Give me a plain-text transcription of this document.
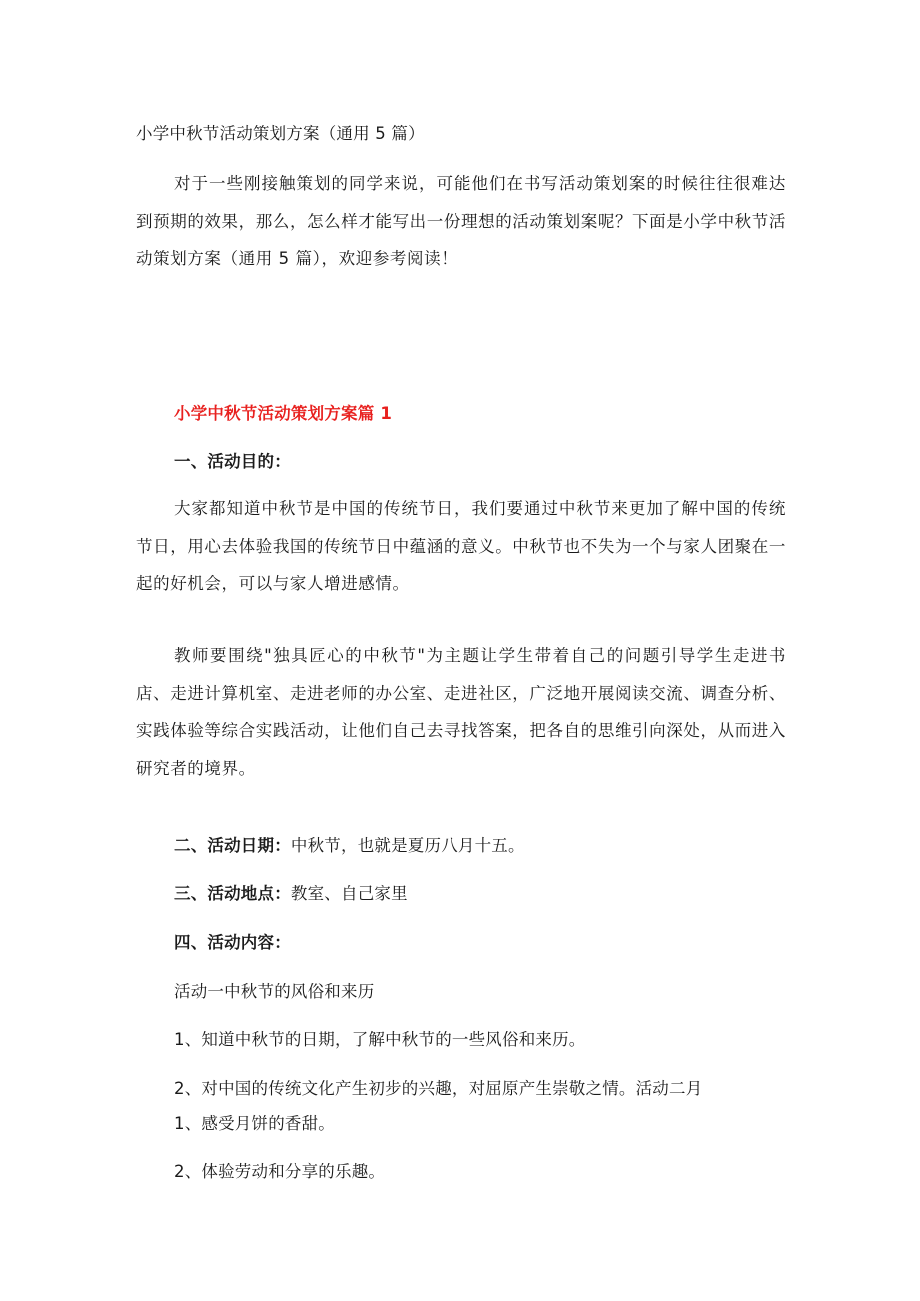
小学中秋节活动策划方案（通用 5 篇）
对于一些刚接触策划的同学来说，可能他们在书写活动策划案的时候往往很难达到预期的效果，那么，怎么样才能写出一份理想的活动策划案呢？下面是小学中秋节活动策划方案（通用 5 篇），欢迎参考阅读！
小学中秋节活动策划方案篇 1
一、活动目的：
大家都知道中秋节是中国的传统节日，我们要通过中秋节来更加了解中国的传统节日，用心去体验我国的传统节日中蕴涵的意义。中秋节也不失为一个与家人团聚在一起的好机会，可以与家人增进感情。
教师要围绕"独具匠心的中秋节"为主题让学生带着自己的问题引导学生走进书店、走进计算机室、走进老师的办公室、走进社区，广泛地开展阅读交流、调查分析、实践体验等综合实践活动，让他们自己去寻找答案，把各自的思维引向深处，从而进入研究者的境界。
二、活动日期：中秋节，也就是夏历八月十五。
三、活动地点：教室、自己家里
四、活动内容：
活动一中秋节的风俗和来历
1、知道中秋节的日期，了解中秋节的一些风俗和来历。
2、对中国的传统文化产生初步的兴趣，对屈原产生崇敬之情。活动二月
1、感受月饼的香甜。
2、体验劳动和分享的乐趣。
